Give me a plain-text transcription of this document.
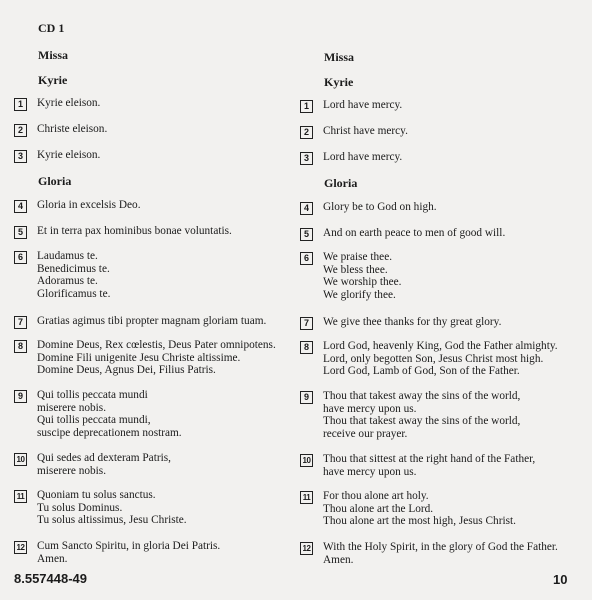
CD 1
Missa
Kyrie
1	Kyrie eleison.
2	Christe eleison.
3	Kyrie eleison.
Gloria
4	Gloria in excelsis Deo.
5	Et in terra pax hominibus bonae voluntatis.
6	Laudamus te.
Benedicimus te.
Adoramus te.
Glorificamus te.
7	Gratias agimus tibi propter magnam gloriam tuam.
8	Domine Deus, Rex cœlestis, Deus Pater omnipotens.
Domine Fili unigenite Jesu Christe altissime.
Domine Deus, Agnus Dei, Filius Patris.
9	Qui tollis peccata mundi
miserere nobis.
Qui tollis peccata mundi,
suscipe deprecationem nostram.
10 Qui sedes ad dexteram Patris,
miserere nobis.
11 Quoniam tu solus sanctus.
Tu solus Dominus.
Tu solus altissimus, Jesu Christe.
12 Cum Sancto Spiritu, in gloria Dei Patris.
Amen.
Missa
Kyrie
1	Lord have mercy.
2	Christ have mercy.
3	Lord have mercy.
Gloria
4	Glory be to God on high.
5	And on earth peace to men of good will.
6	We praise thee.
We bless thee.
We worship thee.
We glorify thee.
7	We give thee thanks for thy great glory.
8	Lord God, heavenly King, God the Father almighty.
Lord, only begotten Son, Jesus Christ most high.
Lord God, Lamb of God, Son of the Father.
9	Thou that takest away the sins of the world,
have mercy upon us.
Thou that takest away the sins of the world,
receive our prayer.
10 Thou that sittest at the right hand of the Father,
have mercy upon us.
11 For thou alone art holy.
Thou alone art the Lord.
Thou alone art the most high, Jesus Christ.
12 With the Holy Spirit, in the glory of God the Father.
Amen.
8.557448-49	10
